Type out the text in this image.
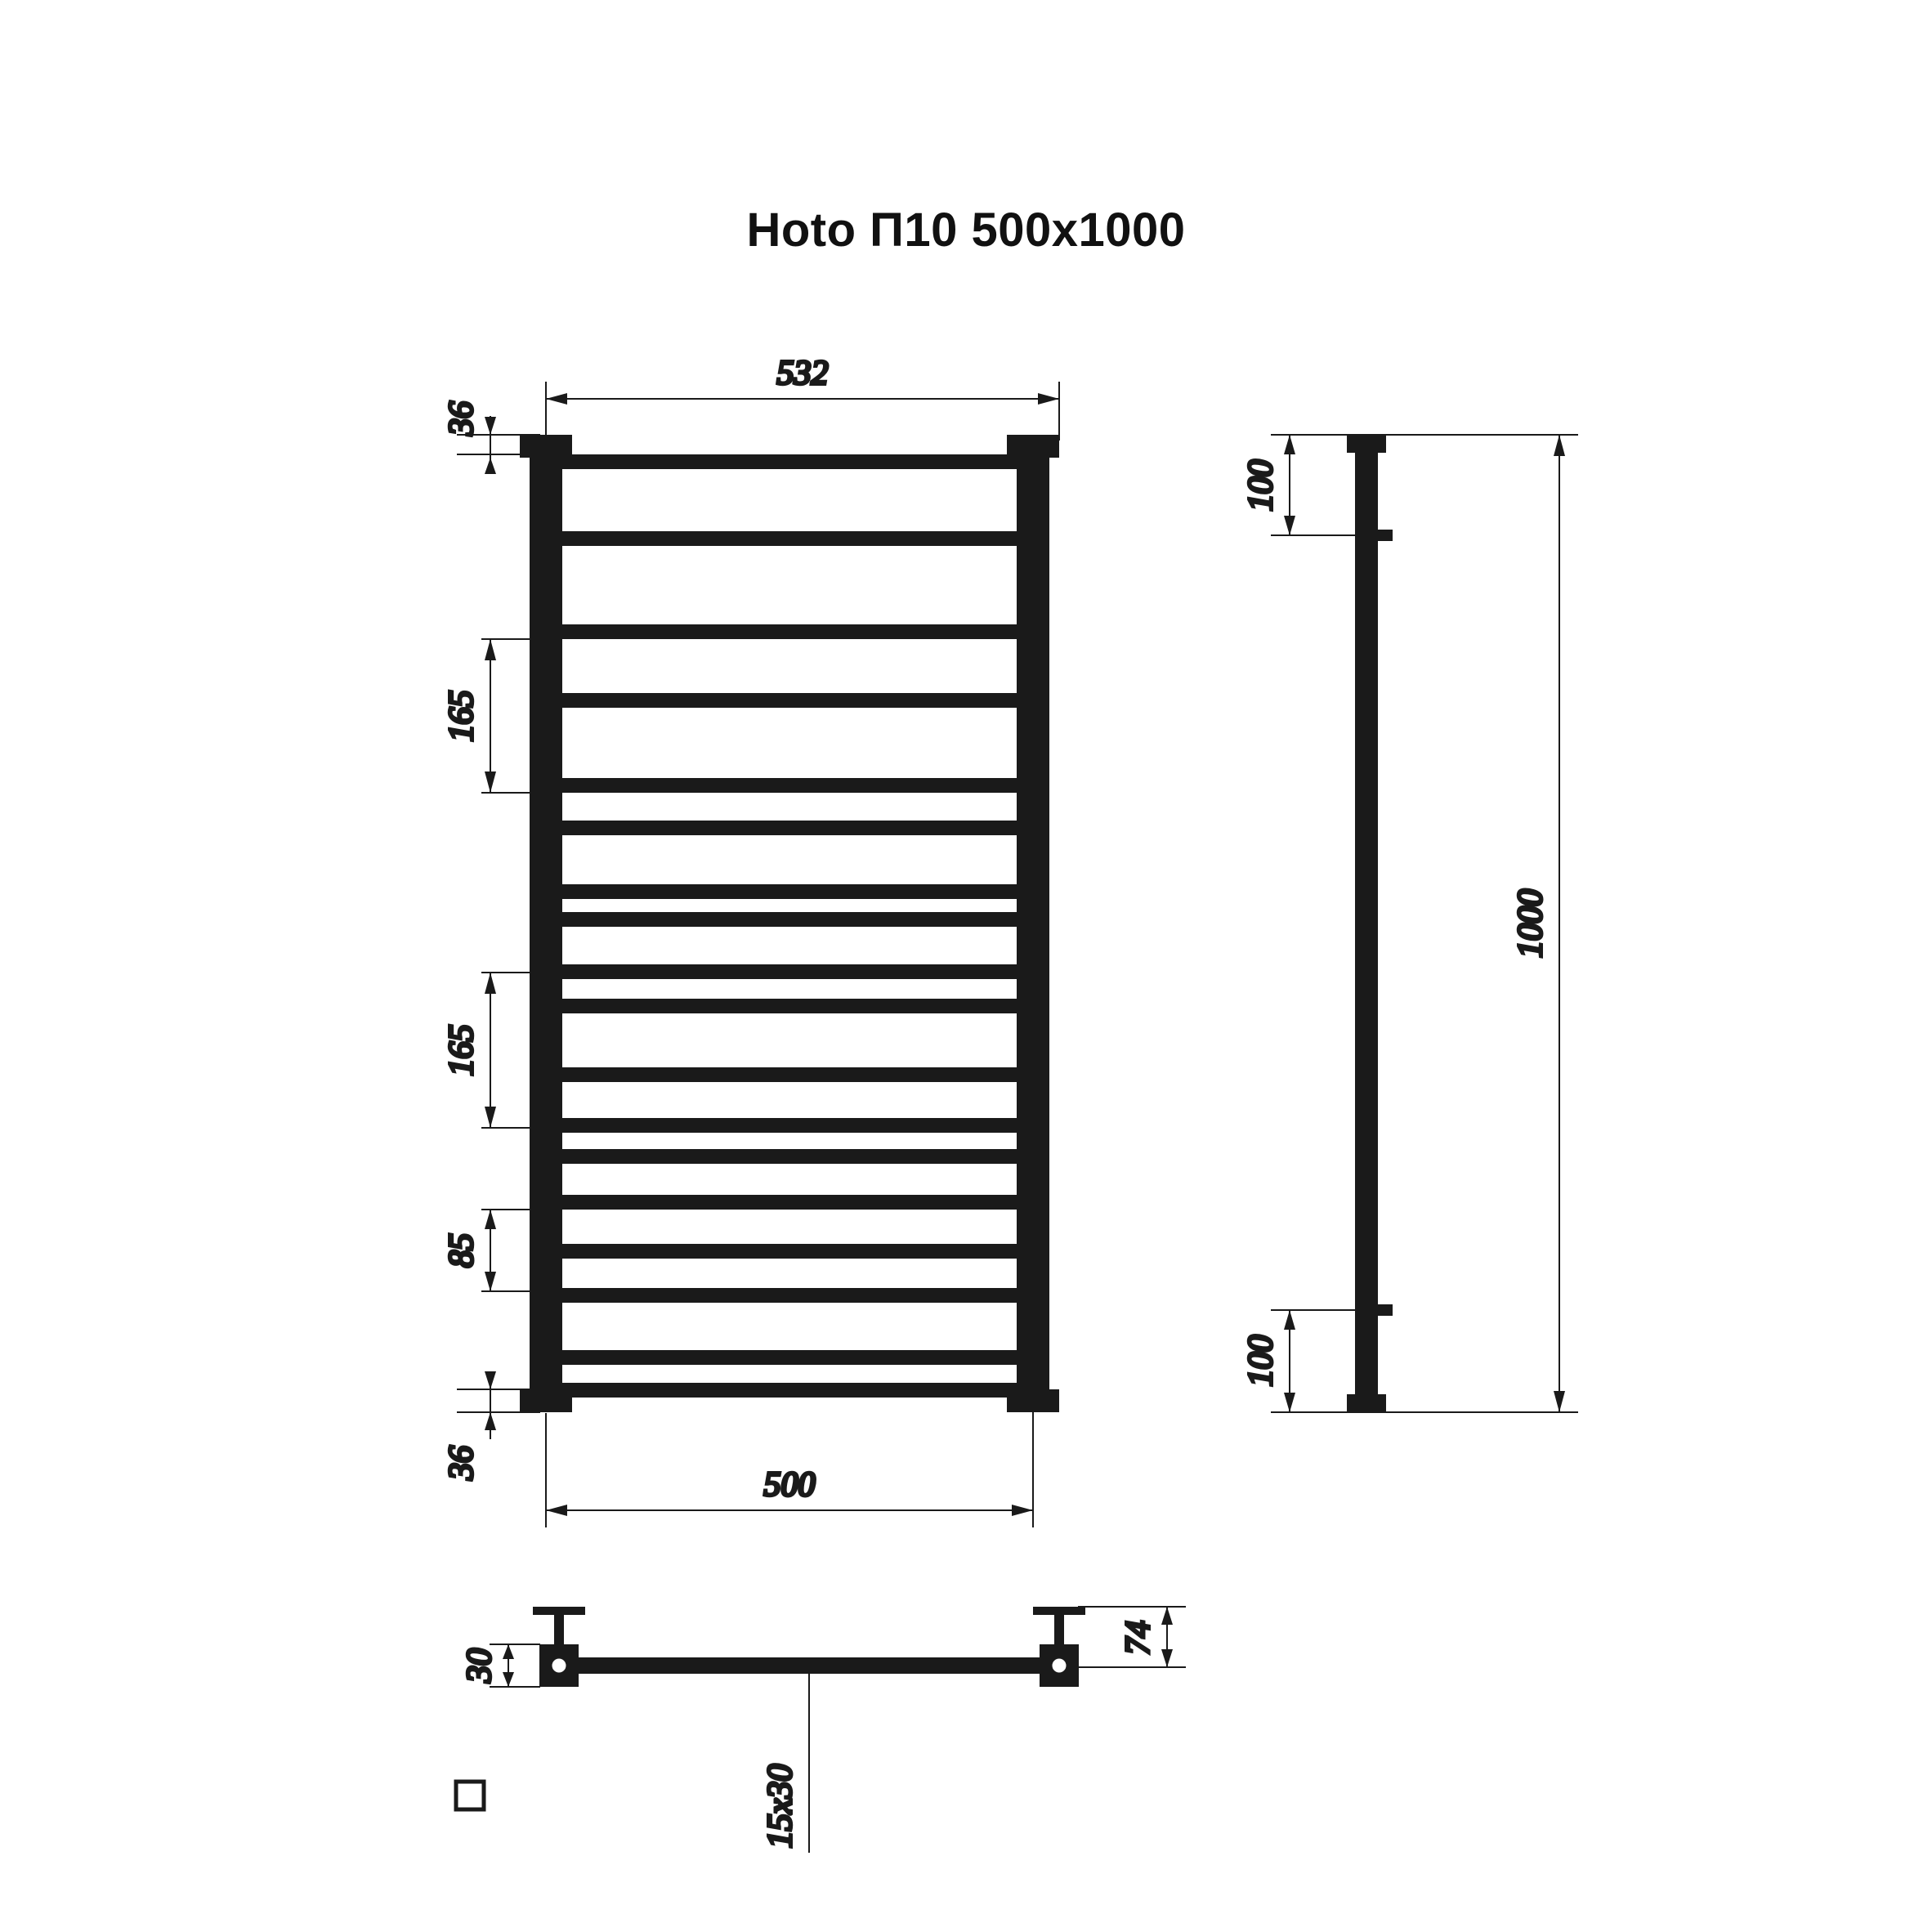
Hoto П10 500x1000
532
500
36
165
165
85
36
100
100
1000
74
30
15x30
